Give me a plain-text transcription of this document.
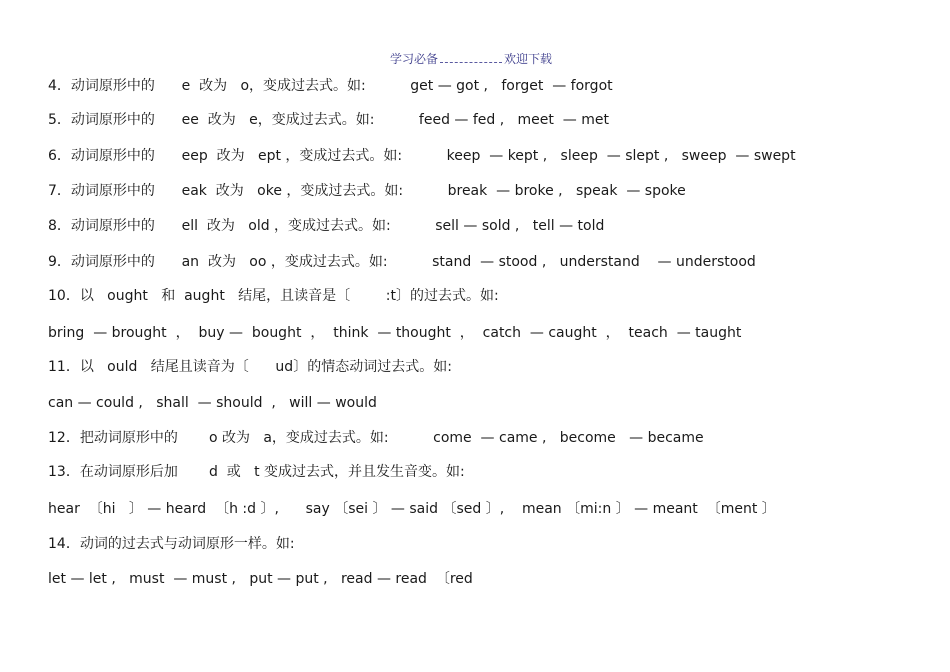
学习必备	欢迎下载
4．动词原形中的      e  改为   o，变成过去式。如:          get — got ,   forget  — forgot
5．动词原形中的      ee  改为   e，变成过去式。如:          feed — fed ,   meet  — met
6．动词原形中的      eep  改为   ept ，变成过去式。如:          keep  — kept ,   sleep  — slept ,   sweep  — swept
7．动词原形中的      eak  改为   oke ，变成过去式。如:          break  — broke ,   speak  — spoke
8．动词原形中的      ell  改为   old ，变成过去式。如:          sell — sold ,   tell — told
9．动词原形中的      an  改为   oo ，变成过去式。如:          stand  — stood ,   understand    — understood
10．以   ought   和  aught   结尾，且读音是〔        :t〕的过去式。如:
bring  — brought  ，  buy —  bought  ，  think  — thought  ，  catch  — caught  ，  teach  — taught
11．以   ould   结尾且读音为〔      ud〕的情态动词过去式。如:
can — could ,   shall  — should  ,   will — would
12．把动词原形中的       o 改为   a，变成过去式。如:          come  — came ,   become   — became
13．在动词原形后加       d  或   t 变成过去式，并且发生音变。如:
hear  〔hi   〕 — heard  〔h :d 〕,      say 〔sei 〕 — said 〔sed 〕,    mean 〔mi:n 〕 — meant  〔ment 〕
14．动词的过去式与动词原形一样。如:
let — let ,   must  — must ,   put — put ,   read — read  〔red
